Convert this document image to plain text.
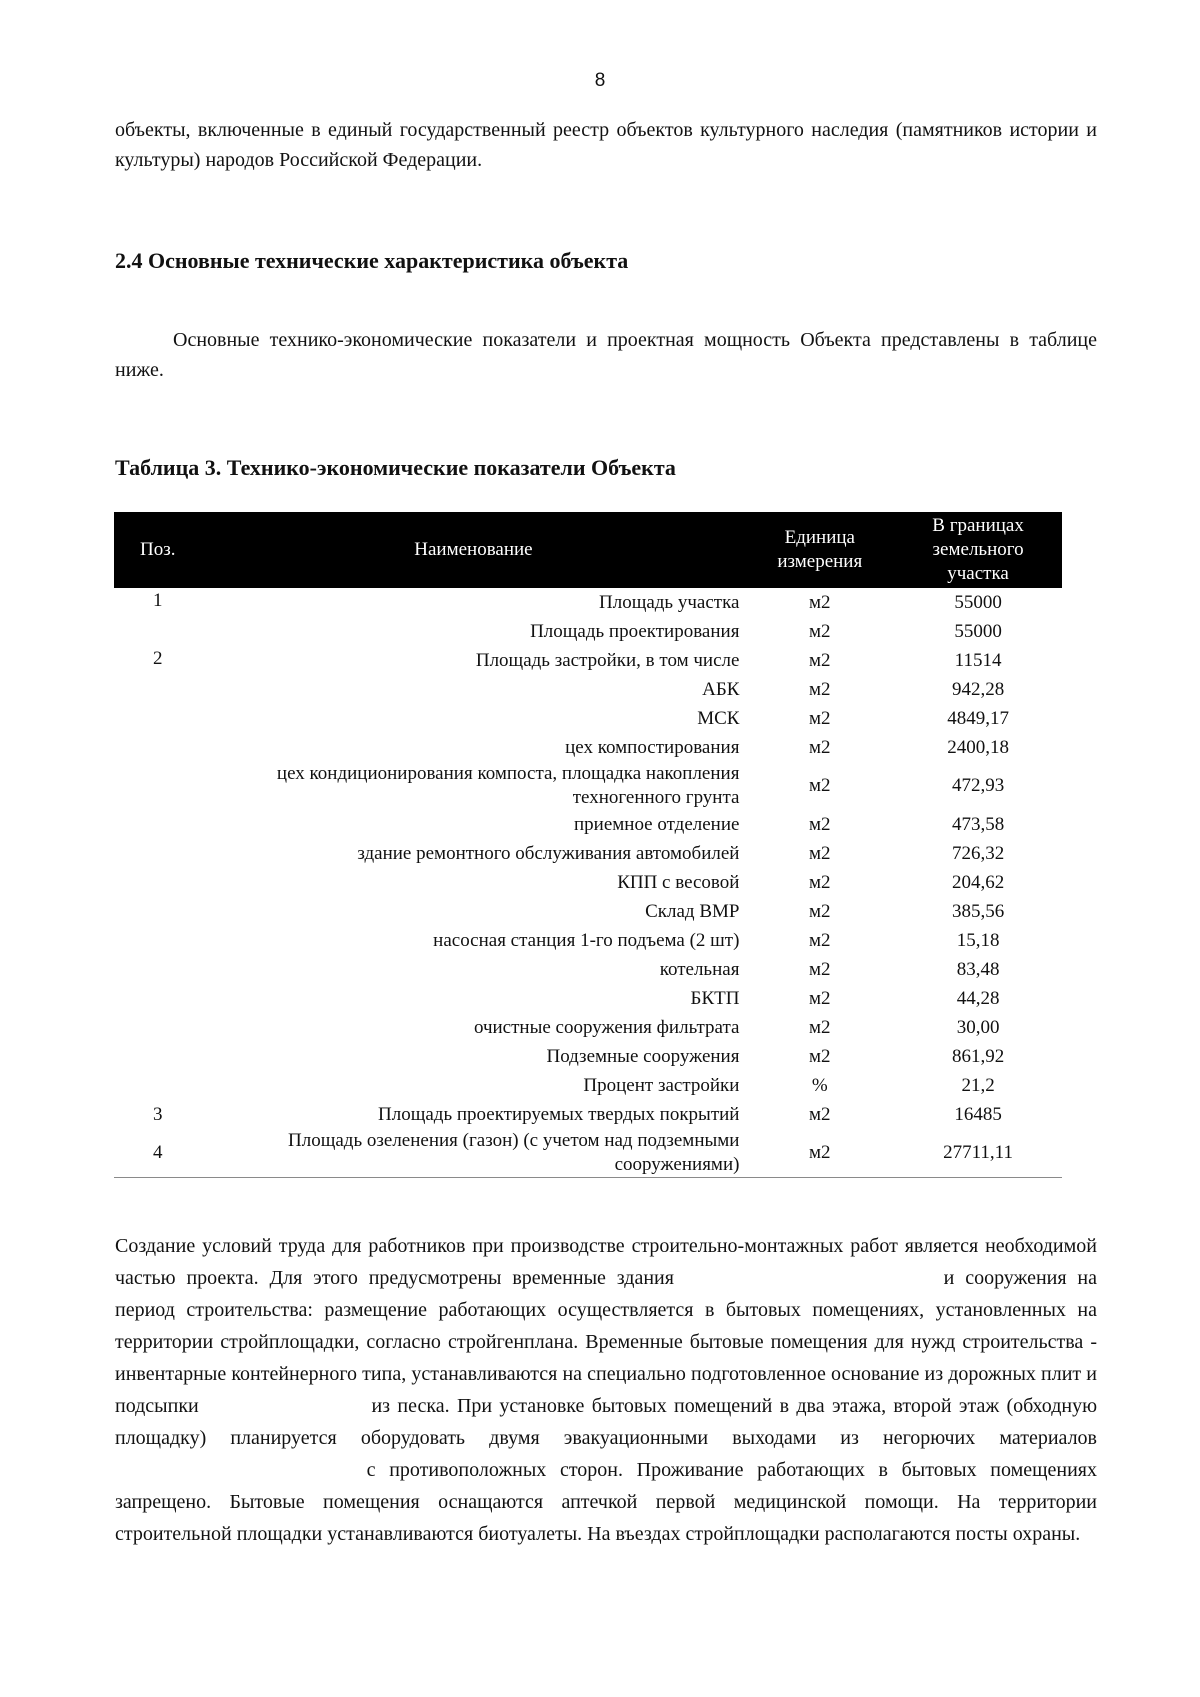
8
объекты, включенные в единый государственный реестр объектов культурного наследия (памятников истории и культуры) народов Российской Федерации.
2.4 Основные технические характеристика объекта
Основные технико-экономические показатели и проектная мощность Объекта представлены в таблице ниже.
Таблица 3. Технико-экономические показатели Объекта
Поз.	Наименование	Единица измерения	В границах земельного участка
1	Площадь участка	м2	55000
	Площадь проектирования	м2	55000
2	Площадь застройки, в том числе	м2	11514
	АБК	м2	942,28
	МСК	м2	4849,17
	цех компостирования	м2	2400,18
	цех кондиционирования компоста, площадка накопления техногенного грунта	м2	472,93
	приемное отделение	м2	473,58
	здание ремонтного обслуживания автомобилей	м2	726,32
	КПП с весовой	м2	204,62
	Склад ВМР	м2	385,56
	насосная станция 1-го подъема (2 шт)	м2	15,18
	котельная	м2	83,48
	БКТП	м2	44,28
	очистные сооружения фильтрата	м2	30,00
	Подземные сооружения	м2	861,92
	Процент застройки	%	21,2
3	Площадь проектируемых твердых покрытий	м2	16485
4	Площадь озеленения (газон) (с учетом над подземными сооружениями)	м2	27711,11
Создание условий труда для работников при производстве строительно-монтажных работ является необходимой частью проекта. Для этого предусмотрены временные здания	и сооружения на период строительства: размещение работающих осуществляется в бытовых помещениях, установленных на территории стройплощадки, согласно стройгенплана. Временные бытовые помещения для нужд строительства - инвентарные контейнерного типа, устанавливаются на специально подготовленное основание из дорожных плит и подсыпки	из песка. При установке бытовых помещений в два этажа, второй этаж (обходную площадку) планируется оборудовать двумя эвакуационными выходами из негорючих материалов  с противоположных сторон. Проживание работающих в бытовых помещениях запрещено. Бытовые помещения оснащаются аптечкой первой медицинской помощи. На территории строительной площадки устанавливаются биотуалеты. На въездах стройплощадки располагаются посты охраны.
